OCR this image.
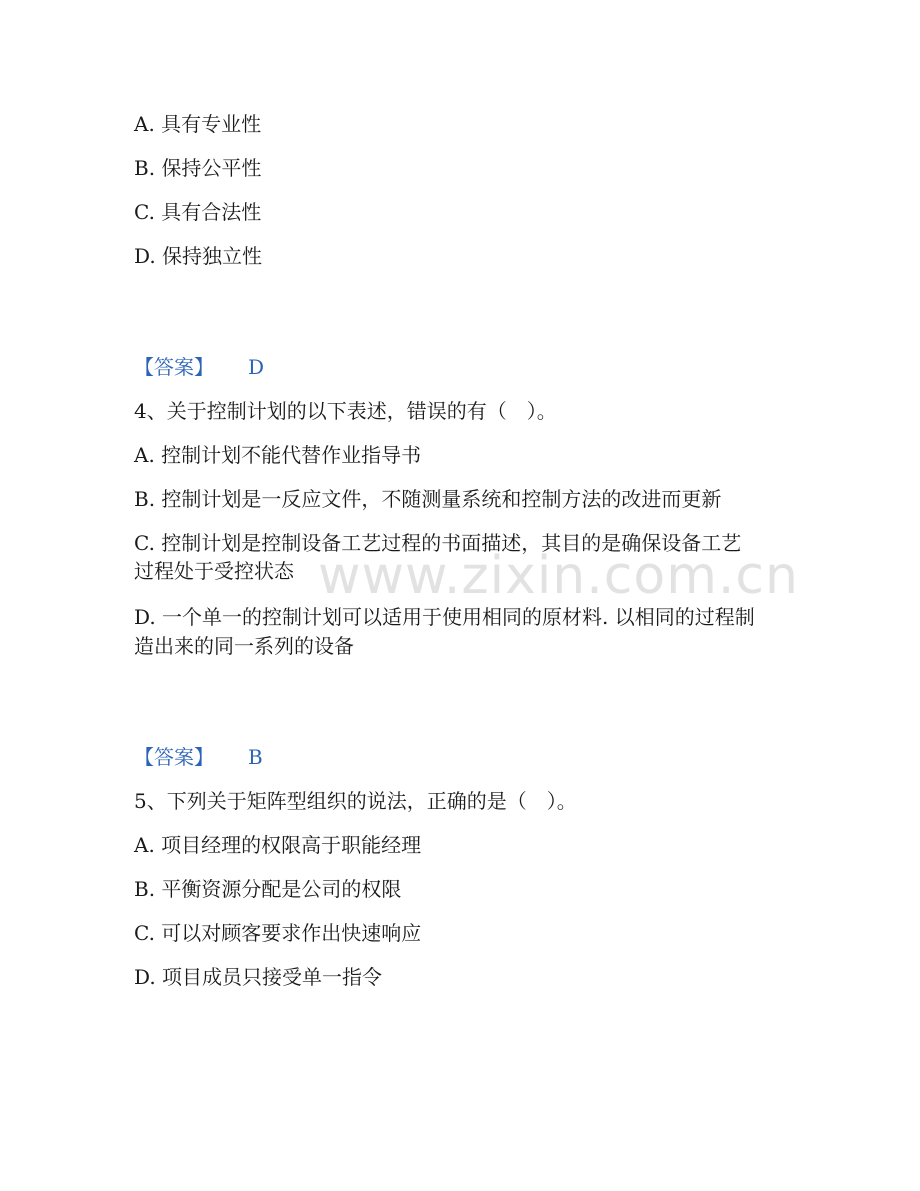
www.zixin.com.cn
A. 具有专业性
B. 保持公平性
C. 具有合法性
D. 保持独立性
【答案】 D
4、关于控制计划的以下表述，错误的有（　）。
A. 控制计划不能代替作业指导书
B. 控制计划是一反应文件，不随测量系统和控制方法的改进而更新
C. 控制计划是控制设备工艺过程的书面描述，其目的是确保设备工艺
过程处于受控状态
D. 一个单一的控制计划可以适用于使用相同的原材料. 以相同的过程制
造出来的同一系列的设备
【答案】 B
5、下列关于矩阵型组织的说法，正确的是（　）。
A. 项目经理的权限高于职能经理
B. 平衡资源分配是公司的权限
C. 可以对顾客要求作出快速响应
D. 项目成员只接受单一指令
